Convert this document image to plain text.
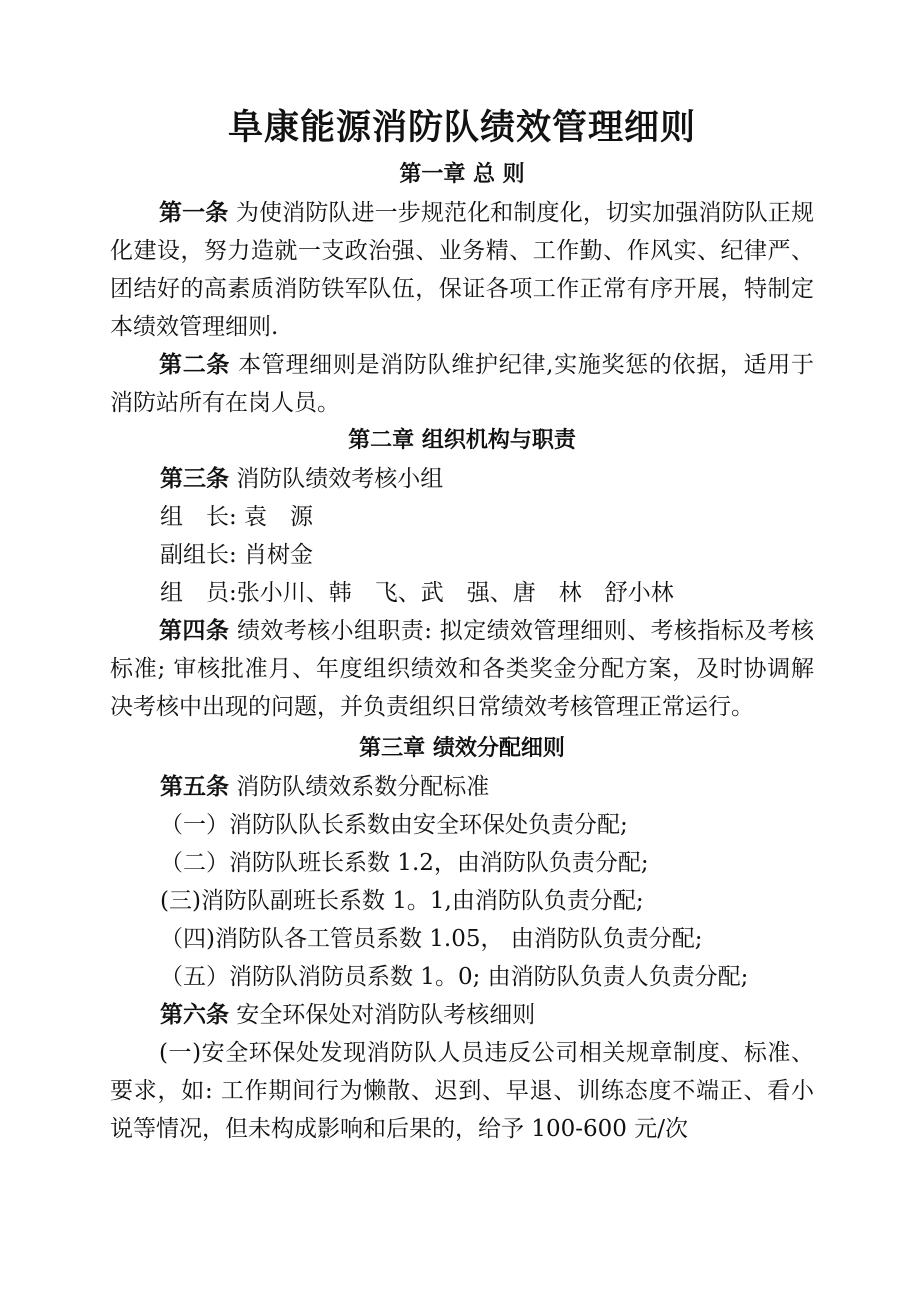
阜康能源消防队绩效管理细则
第一章 总 则

第一条 为使消防队进一步规范化和制度化，切实加强消防队正规化建设，努力造就一支政治强、业务精、工作勤、作风实、纪律严、团结好的高素质消防铁军队伍，保证各项工作正常有序开展，特制定本绩效管理细则.

第二条 本管理细则是消防队维护纪律,实施奖惩的依据，适用于消防站所有在岗人员。

第二章 组织机构与职责

第三条 消防队绩效考核小组

组　长: 袁　源

副组长: 肖树金

组　员:张小川、韩　飞、武　强、唐　林　舒小林

第四条 绩效考核小组职责: 拟定绩效管理细则、考核指标及考核标准; 审核批准月、年度组织绩效和各类奖金分配方案，及时协调解决考核中出现的问题，并负责组织日常绩效考核管理正常运行。

第三章 绩效分配细则

第五条 消防队绩效系数分配标准

（一）消防队队长系数由安全环保处负责分配;

（二）消防队班长系数 1.2，由消防队负责分配;

(三)消防队副班长系数 1。1,由消防队负责分配;

（四)消防队各工管员系数 1.05， 由消防队负责分配;

（五）消防队消防员系数 1。0; 由消防队负责人负责分配;

第六条 安全环保处对消防队考核细则

(一)安全环保处发现消防队人员违反公司相关规章制度、标准、要求，如: 工作期间行为懒散、迟到、早退、训练态度不端正、看小说等情况，但未构成影响和后果的，给予 100-600 元/次
